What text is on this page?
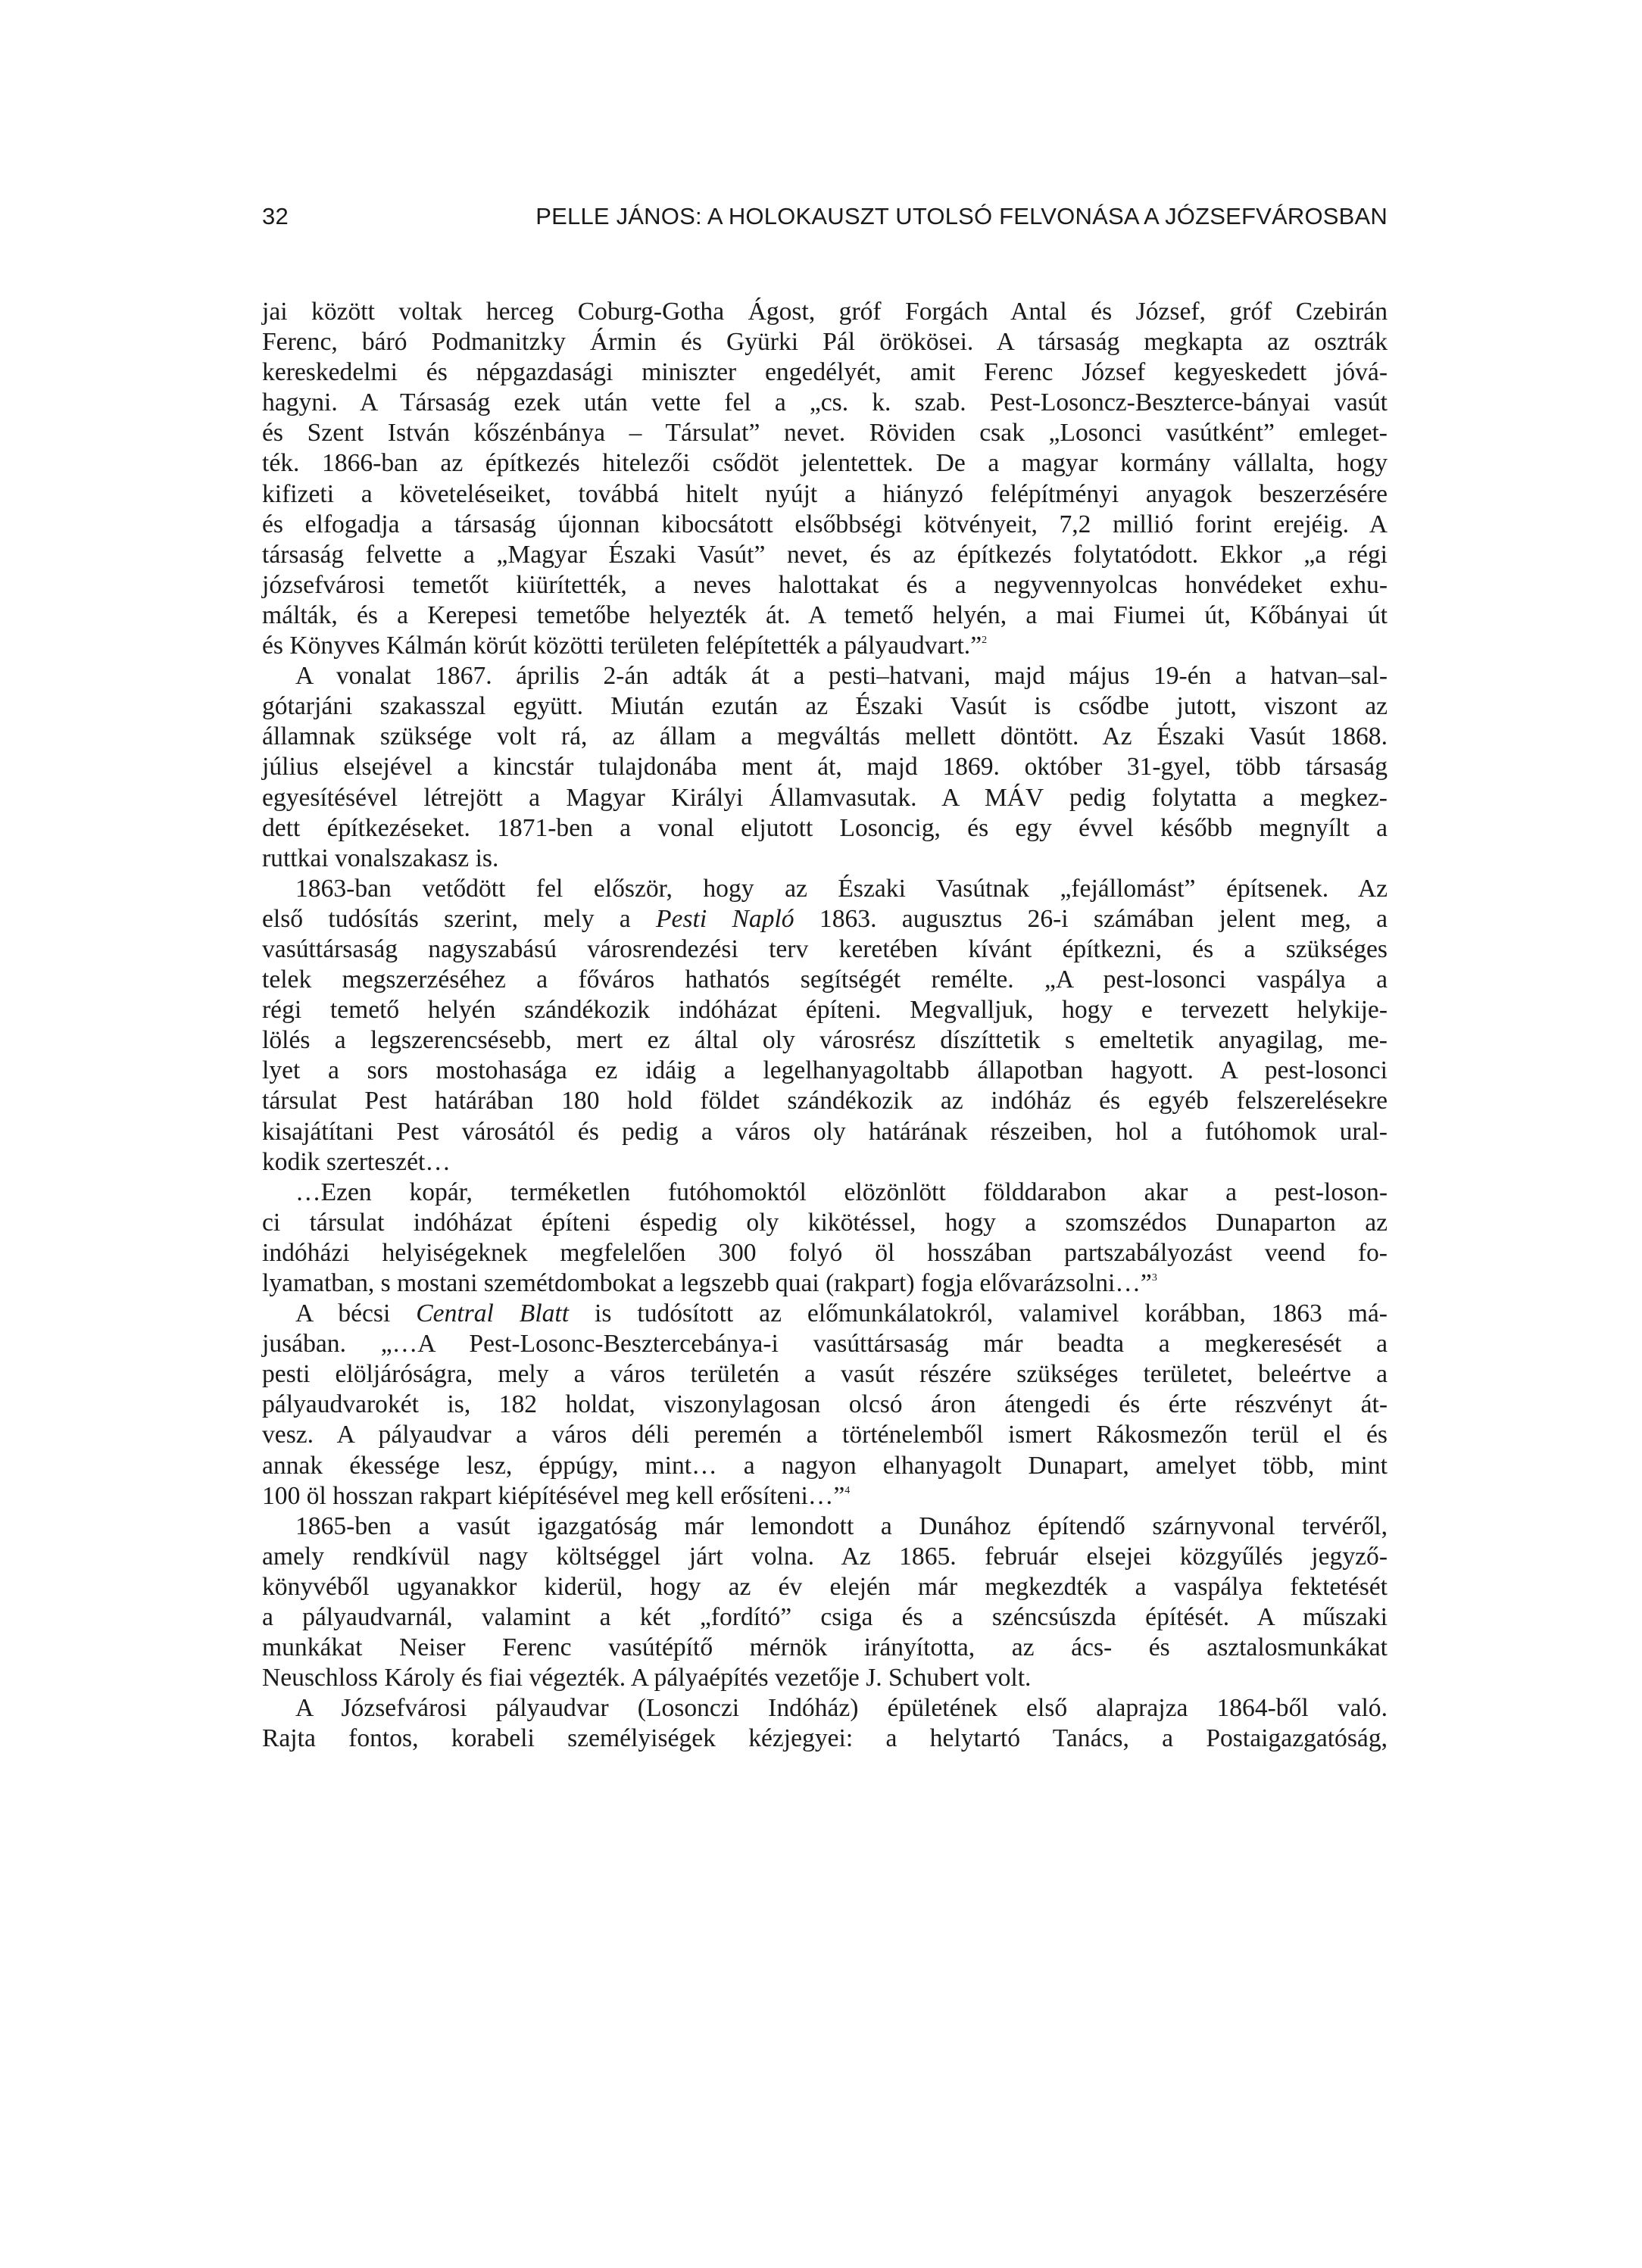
32	PELLE JÁNOS: A HOLOKAUSZT UTOLSÓ FELVONÁSA A JÓZSEFVÁROSBAN

jai között voltak herceg Coburg-Gotha Ágost, gróf Forgách Antal és József, gróf Czebirán
Ferenc, báró Podmanitzky Ármin és Gyürki Pál örökösei. A társaság megkapta az osztrák
kereskedelmi és népgazdasági miniszter engedélyét, amit Ferenc József kegyeskedett jóvá-
hagyni. A Társaság ezek után vette fel a „cs. k. szab. Pest-Losoncz-Beszterce-bányai vasút
és Szent István kőszénbánya – Társulat” nevet. Röviden csak „Losonci vasútként” emleget-
ték. 1866-ban az építkezés hitelezői csődöt jelentettek. De a magyar kormány vállalta, hogy
kifizeti a követeléseiket, továbbá hitelt nyújt a hiányzó felépítményi anyagok beszerzésére
és elfogadja a társaság újonnan kibocsátott elsőbbségi kötvényeit, 7,2 millió forint erejéig. A
társaság felvette a „Magyar Északi Vasút” nevet, és az építkezés folytatódott. Ekkor „a régi
józsefvárosi temetőt kiürítették, a neves halottakat és a negyvennyolcas honvédeket exhu-
málták, és a Kerepesi temetőbe helyezték át. A temető helyén, a mai Fiumei út, Kőbányai út
és Könyves Kálmán körút közötti területen felépítették a pályaudvart.”$^2$

A vonalat 1867. április 2-án adták át a pesti–hatvani, majd május 19-én a hatvan–sal-
gótarjáni szakasszal együtt. Miután ezután az Északi Vasút is csődbe jutott, viszont az
államnak szüksége volt rá, az állam a megváltás mellett döntött. Az Északi Vasút 1868.
július elsejével a kincstár tulajdonába ment át, majd 1869. október 31-gyel, több társaság
egyesítésével létrejött a Magyar Királyi Államvasutak. A MÁV pedig folytatta a megkez-
dett építkezéseket. 1871-ben a vonal eljutott Losoncig, és egy évvel később megnyílt a
ruttkai vonalszakasz is.

1863-ban vetődött fel először, hogy az Északi Vasútnak „fejállomást” építsenek. Az
első tudósítás szerint, mely a Pesti Napló 1863. augusztus 26-i számában jelent meg, a
vasúttársaság nagyszabású városrendezési terv keretében kívánt építkezni, és a szükséges
telek megszerzéséhez a főváros hathatós segítségét remélte. „A pest-losonci vaspálya a
régi temető helyén szándékozik indóházat építeni. Megvalljuk, hogy e tervezett helykije-
lölés a legszerencsésebb, mert ez által oly városrész díszíttetik s emeltetik anyagilag, me-
lyet a sors mostohasága ez idáig a legelhanyagoltabb állapotban hagyott. A pest-losonci
társulat Pest határában 180 hold földet szándékozik az indóház és egyéb felszerelésekre
kisajátítani Pest városától és pedig a város oly határának részeiben, hol a futóhomok ural-
kodik szerteszét…

…Ezen kopár, terméketlen futóhomoktól elözönlött földdarabon akar a pest-loson-
ci társulat indóházat építeni éspedig oly kikötéssel, hogy a szomszédos Dunaparton az
indóházi helyiségeknek megfelelően 300 folyó öl hosszában partszabályozást veend fo-
lyamatban, s mostani szemétdombokat a legszebb quai (rakpart) fogja elővarázsolni…”$^3$

A bécsi Central Blatt is tudósított az előmunkálatokról, valamivel korábban, 1863 má-
jusában. „…A Pest-Losonc-Besztercebánya-i vasúttársaság már beadta a megkeresését a
pesti elöljáróságra, mely a város területén a vasút részére szükséges területet, beleértve a
pályaudvarokét is, 182 holdat, viszonylagosan olcsó áron átengedi és érte részvényt át-
vesz. A pályaudvar a város déli peremén a történelemből ismert Rákosmezőn terül el és
annak ékessége lesz, éppúgy, mint… a nagyon elhanyagolt Dunapart, amelyet több, mint
100 öl hosszan rakpart kiépítésével meg kell erősíteni…”$^4$

1865-ben a vasút igazgatóság már lemondott a Dunához építendő szárnyvonal tervéről,
amely rendkívül nagy költséggel járt volna. Az 1865. február elsejei közgyűlés jegyző-
könyvéből ugyanakkor kiderül, hogy az év elején már megkezdték a vaspálya fektetését
a pályaudvarnál, valamint a két „fordító” csiga és a széncsúszda építését. A műszaki
munkákat Neiser Ferenc vasútépítő mérnök irányította, az ács- és asztalosmunkákat
Neuschloss Károly és fiai végezték. A pályaépítés vezetője J. Schubert volt.

A Józsefvárosi pályaudvar (Losonczi Indóház) épületének első alaprajza 1864-ből való.
Rajta fontos, korabeli személyiségek kézjegyei: a helytartó Tanács, a Postaigazgatóság,
